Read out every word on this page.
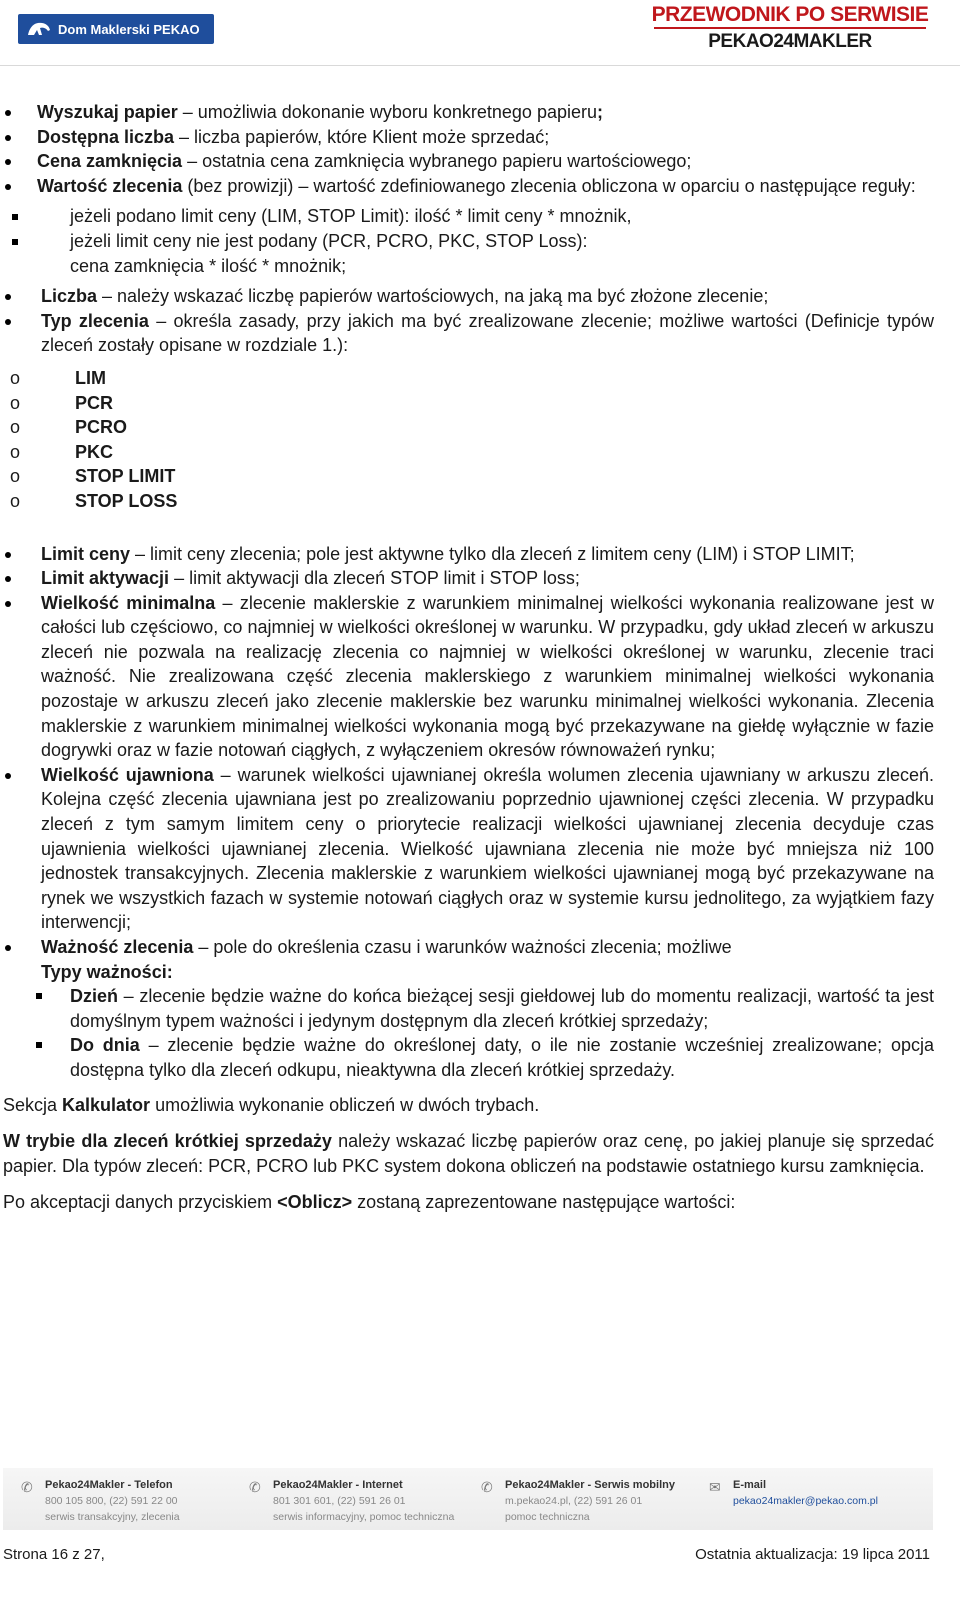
Dom Maklerski PEKAO
PRZEWODNIK PO SERWISIE
PEKAO24MAKLER
Wyszukaj papier – umożliwia dokonanie wyboru konkretnego papieru;
Dostępna liczba – liczba papierów, które Klient może sprzedać;
Cena zamknięcia – ostatnia cena zamknięcia wybranego papieru wartościowego;
Wartość zlecenia (bez prowizji) – wartość zdefiniowanego zlecenia obliczona w oparciu o następujące reguły:
jeżeli podano limit ceny (LIM, STOP Limit): ilość * limit ceny * mnożnik,
jeżeli limit ceny nie jest podany (PCR, PCRO, PKC, STOP Loss):
cena zamknięcia * ilość * mnożnik;
Liczba – należy wskazać liczbę papierów wartościowych, na jaką ma być złożone zlecenie;
Typ zlecenia – określa zasady, przy jakich ma być zrealizowane zlecenie; możliwe wartości (Definicje typów zleceń zostały opisane w rozdziale 1.):
o	LIM
o	PCR
o	PCRO
o	PKC
o	STOP LIMIT
o	STOP LOSS
Limit ceny – limit ceny zlecenia; pole jest aktywne tylko dla zleceń z limitem ceny (LIM) i STOP LIMIT;
Limit aktywacji – limit aktywacji dla zleceń STOP limit i STOP loss;
Wielkość minimalna – zlecenie maklerskie z warunkiem minimalnej wielkości wykonania realizowane jest w całości lub częściowo, co najmniej w wielkości określonej w warunku. W przypadku, gdy układ zleceń w arkuszu zleceń nie pozwala na realizację zlecenia co najmniej w wielkości określonej w warunku, zlecenie traci ważność. Nie zrealizowana część zlecenia maklerskiego z warunkiem minimalnej wielkości wykonania pozostaje w arkuszu zleceń jako zlecenie maklerskie bez warunku minimalnej wielkości wykonania. Zlecenia maklerskie z warunkiem minimalnej wielkości wykonania mogą być przekazywane na giełdę wyłącznie w fazie dogrywki oraz w fazie notowań ciągłych, z wyłączeniem okresów równoważeń rynku;
Wielkość ujawniona – warunek wielkości ujawnianej określa wolumen zlecenia ujawniany w arkuszu zleceń. Kolejna część zlecenia ujawniana jest po zrealizowaniu poprzednio ujawnionej części zlecenia. W przypadku zleceń z tym samym limitem ceny o priorytecie realizacji wielkości ujawnianej zlecenia decyduje czas ujawnienia wielkości ujawnianej zlecenia. Wielkość ujawniana zlecenia nie może być mniejsza niż 100 jednostek transakcyjnych. Zlecenia maklerskie z warunkiem wielkości ujawnianej mogą być przekazywane na rynek we wszystkich fazach w systemie notowań ciągłych oraz w systemie kursu jednolitego, za wyjątkiem fazy interwencji;
Ważność zlecenia – pole do określenia czasu i warunków ważności zlecenia; możliwe
Typy ważności:
Dzień – zlecenie będzie ważne do końca bieżącej sesji giełdowej lub do momentu realizacji, wartość ta jest domyślnym typem ważności i jedynym dostępnym dla zleceń krótkiej sprzedaży;
Do dnia – zlecenie będzie ważne do określonej daty, o ile nie zostanie wcześniej zrealizowane; opcja dostępna tylko dla zleceń odkupu, nieaktywna dla zleceń krótkiej sprzedaży.
Sekcja Kalkulator umożliwia wykonanie obliczeń w dwóch trybach.
W trybie dla zleceń krótkiej sprzedaży należy wskazać liczbę papierów oraz cenę, po jakiej planuje się sprzedać papier. Dla typów zleceń: PCR, PCRO lub PKC system dokona obliczeń na podstawie ostatniego kursu zamknięcia.
Po akceptacji danych przyciskiem <Oblicz> zostaną zaprezentowane następujące wartości:
✆	Pekao24Makler - Telefon
800 105 800, (22) 591 22 00
serwis transakcyjny, zlecenia
✆	Pekao24Makler - Internet
801 301 601, (22) 591 26 01
serwis informacyjny, pomoc techniczna
✆	Pekao24Makler - Serwis mobilny
m.pekao24.pl, (22) 591 26 01
pomoc techniczna
✉	E-mail
pekao24makler@pekao.com.pl
Strona 16 z 27,	Ostatnia aktualizacja: 19 lipca 2011
